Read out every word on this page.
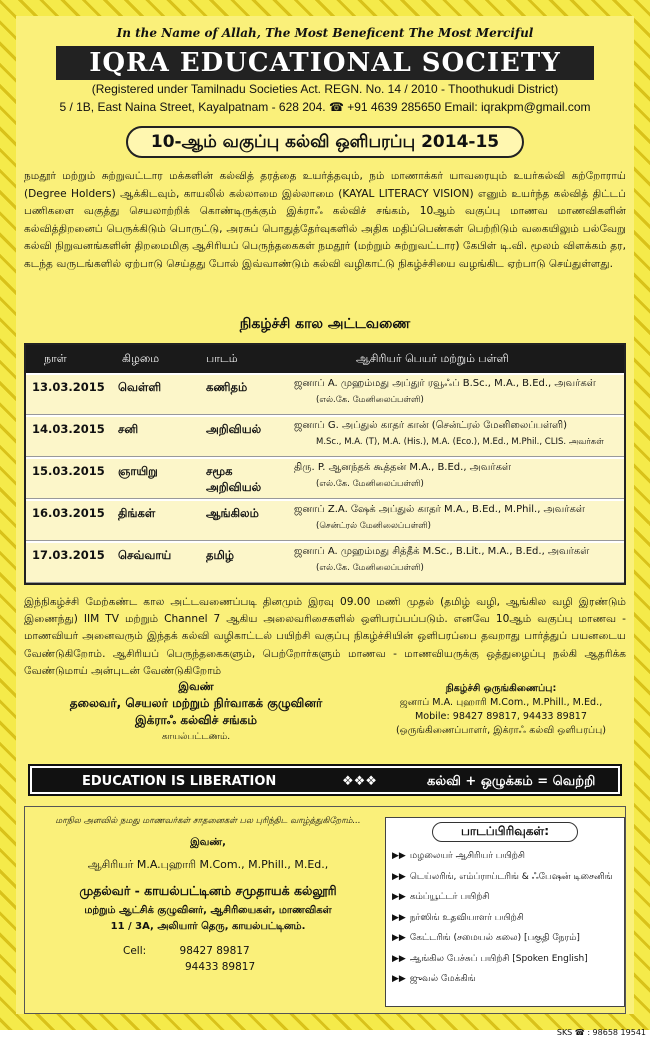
In the Name of Allah, The Most Beneficent The Most Merciful
IQRA EDUCATIONAL SOCIETY
(Registered under Tamilnadu Societies Act. REGN. No. 14 / 2010 - Thoothukudi District)
5 / 1B, East Naina Street, Kayalpatnam - 628 204. ☎ +91 4639 285650 Email: iqrakpm@gmail.com
10-ஆம் வகுப்பு கல்வி ஒளிபரப்பு 2014-15
நமதூர் மற்றும் சுற்றுவட்டார மக்களின் கல்வித் தரத்தை உயர்த்தவும், நம் மாணாக்கர் யாவரையும் உயர்கல்வி கற்றோராய் (Degree Holders) ஆக்கிடவும், காயலில் கல்லாமை இல்லாமை (KAYAL LITERACY VISION) எனும் உயர்ந்த கல்வித் திட்டப் பணிகளை வகுத்து செயலாற்றிக் கொண்டிருக்கும் இக்ராஃ கல்விச் சங்கம், 10ஆம் வகுப்பு மாணவ மாணவிகளின் கல்வித்திறனைப் பெருக்கிடும் பொருட்டு, அரசுப் பொதுத்தேர்வுகளில் அதிக மதிப்பெண்கள் பெற்றிடும் வகையிலும் பல்வேறு கல்வி நிறுவனங்களின் திறமைமிகு ஆசிரியப் பெருந்தகைகள் நமதூர் (மற்றும் சுற்றுவட்டார) கேபிள் டி.வி. மூலம் விளக்கம் தர, கடந்த வருடங்களில் ஏற்பாடு செய்தது போல் இவ்வாண்டும் கல்வி வழிகாட்டு நிகழ்ச்சியை வழங்கிட ஏற்பாடு செய்துள்ளது.
நிகழ்ச்சி கால அட்டவணை
நாள்	கிழமை	பாடம்	ஆசிரியர் பெயர் மற்றும் பள்ளி
13.03.2015 வெள்ளி	கணிதம்	ஜனாப் A. முஹம்மது அப்துர் ரவூஃப் B.Sc., M.A., B.Ed., அவர்கள்
(எல்.கே. மேனிலைப்பள்ளி)
14.03.2015 சனி	அறிவியல்	ஜனாப் G. அப்துல் காதர் கான் (சென்ட்ரல் மேனிலைப்பள்ளி)
M.Sc., M.A. (T), M.A. (His.), M.A. (Eco.), M.Ed., M.Phil., CLIS. அவர்கள்
15.03.2015 ஞாயிறு	சமூக அறிவியல்
திரு. P. ஆனந்தக் கூத்தன் M.A., B.Ed., அவர்கள்
(எல்.கே. மேனிலைப்பள்ளி)
16.03.2015 திங்கள்	ஆங்கிலம்	ஜனாப் Z.A. ஷேக் அப்துல் காதர் M.A., B.Ed., M.Phil., அவர்கள்
(சென்ட்ரல் மேனிலைப்பள்ளி)
17.03.2015 செவ்வாய்	தமிழ்	ஜனாப் A. முஹம்மது சித்தீக் M.Sc., B.Lit., M.A., B.Ed., அவர்கள்
(எல்.கே. மேனிலைப்பள்ளி)
இந்நிகழ்ச்சி மேற்கண்ட கால அட்டவணைப்படி தினமும் இரவு 09.00 மணி முதல் (தமிழ் வழி, ஆங்கில வழி இரண்டும் இணைந்து) IIM TV மற்றும் Channel 7 ஆகிய அலைவரிசைகளில் ஒளிபரப்பப்படும். எனவே 10ஆம் வகுப்பு மாணவ - மாணவியர் அனைவரும் இந்தக் கல்வி வழிகாட்டல் பயிற்சி வகுப்பு நிகழ்ச்சியின் ஒளிபரப்பை தவறாது பார்த்துப் பயனடைய வேண்டுகிறோம். ஆசிரியப் பெருந்தகைகளும், பெற்றோர்களும் மாணவ - மாணவியருக்கு ஒத்துழைப்பு நல்கி ஆதரிக்க வேண்டுமாய் அன்புடன் வேண்டுகிறோம்
இவண்
தலைவர், செயலர் மற்றும் நிர்வாகக் குழுவினர்
இக்ராஃ கல்விச் சங்கம்
காயல்பட்டணம்.
நிகழ்ச்சி ஒருங்கிணைப்பு:
ஜனாப் M.A. புஹாரி M.Com., M.Phill., M.Ed.,
Mobile: 98427 89817, 94433 89817
(ஒருங்கிணைப்பாளர், இக்ராஃ கல்வி ஒளிபரப்பு)
EDUCATION IS LIBERATION	❖❖❖	கல்வி + ஒழுக்கம் = வெற்றி
மாநில அளவில் நமது மாணவர்கள் சாதனைகள் பல புரிந்திட வாழ்த்துகிறோம்...
இவண்,
ஆசிரியர் M.A.புஹாரி M.Com., M.Phill., M.Ed.,
முதல்வர் - காயல்பட்டினம் சமுதாயக் கல்லூரி
மற்றும் ஆட்சிக் குழுவினர், ஆசிரியைகள், மாணவிகள்
11 / 3A, அலியார் தெரு, காயல்பட்டினம்.
Cell:	98427 89817
94433 89817
பாடப்பிரிவுகள்:
▶▶ மழலையர் ஆசிரியர் பயிற்சி
▶▶ டெய்லரிங், எம்ப்ராய்டரிங் & ஃபேஷன் டிசைனிங்
▶▶ கம்ப்யூட்டர் பயிற்சி
▶▶ நர்ஸிங் உதவியாளர் பயிற்சி
▶▶ கேட்டரிங் (சமையல் கலை) [பகுதி நேரம்]
▶▶ ஆங்கில பேச்சுப் பயிற்சி [Spoken English]
▶▶ ஜுவல் மேக்கிங்
SKS ☎ : 98658 19541
